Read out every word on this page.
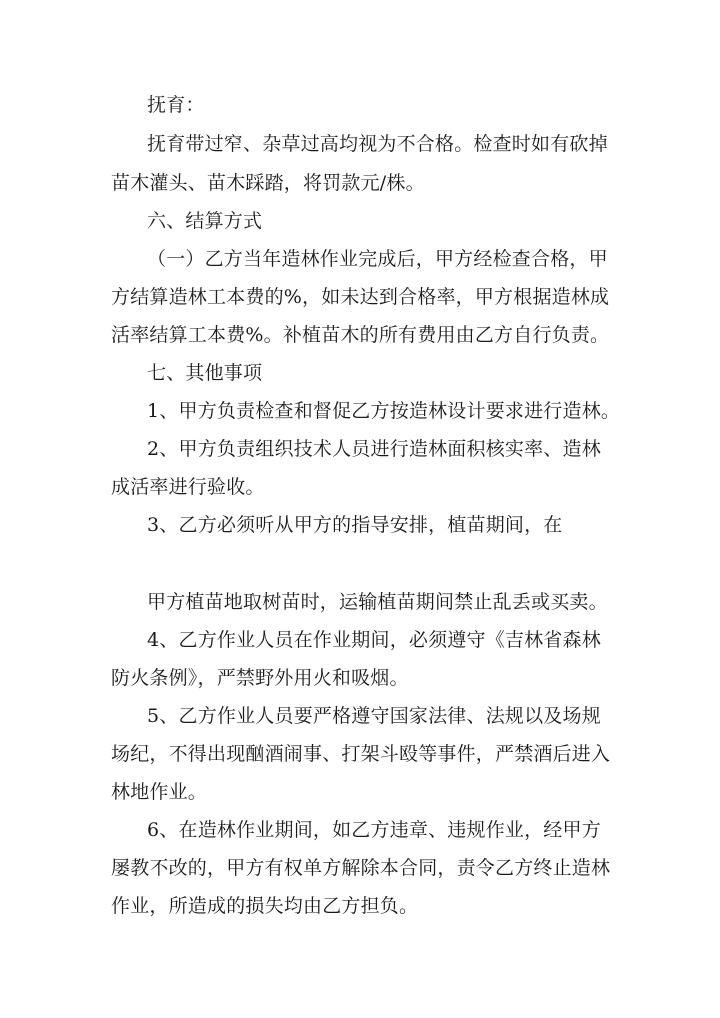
抚育：
抚育带过窄、杂草过高均视为不合格。检查时如有砍掉
苗木灌头、苗木踩踏，将罚款元/株。
六、结算方式
（一）乙方当年造林作业完成后，甲方经检查合格，甲
方结算造林工本费的%，如未达到合格率，甲方根据造林成
活率结算工本费%。补植苗木的所有费用由乙方自行负责。
七、其他事项
1、甲方负责检查和督促乙方按造林设计要求进行造林。
2、甲方负责组织技术人员进行造林面积核实率、造林
成活率进行验收。
3、乙方必须听从甲方的指导安排，植苗期间，在
甲方植苗地取树苗时，运输植苗期间禁止乱丢或买卖。
4、乙方作业人员在作业期间，必须遵守《吉林省森林
防火条例》，严禁野外用火和吸烟。
5、乙方作业人员要严格遵守国家法律、法规以及场规
场纪，不得出现酗酒闹事、打架斗殴等事件，严禁酒后进入
林地作业。
6、在造林作业期间，如乙方违章、违规作业，经甲方
屡教不改的，甲方有权单方解除本合同，责令乙方终止造林
作业，所造成的损失均由乙方担负。
